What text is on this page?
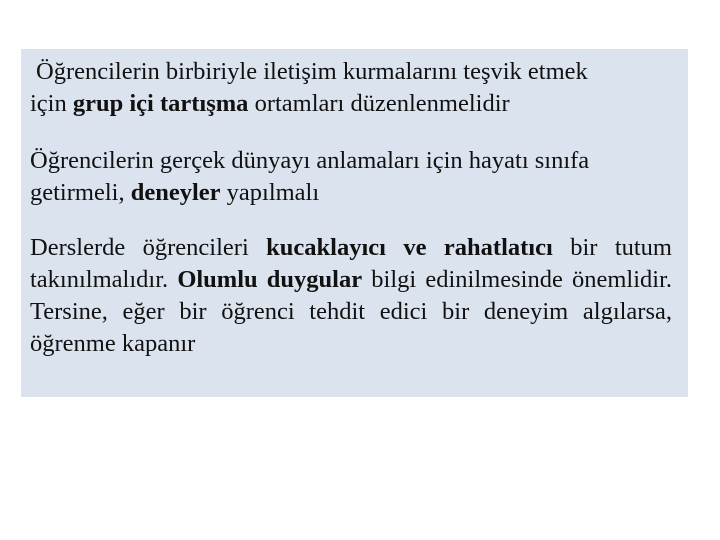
Öğrencilerin birbiriyle iletişim kurmalarını teşvik etmek
için grup içi tartışma ortamları düzenlenmelidir

Öğrencilerin gerçek dünyayı anlamaları için hayatı sınıfa getirmeli, deneyler yapılmalı

Derslerde öğrencileri kucaklayıcı ve rahatlatıcı bir tutum takınılmalıdır. Olumlu duygular bilgi edinilmesinde önemlidir. Tersine, eğer bir öğrenci tehdit edici bir deneyim algılarsa, öğrenme kapanır
